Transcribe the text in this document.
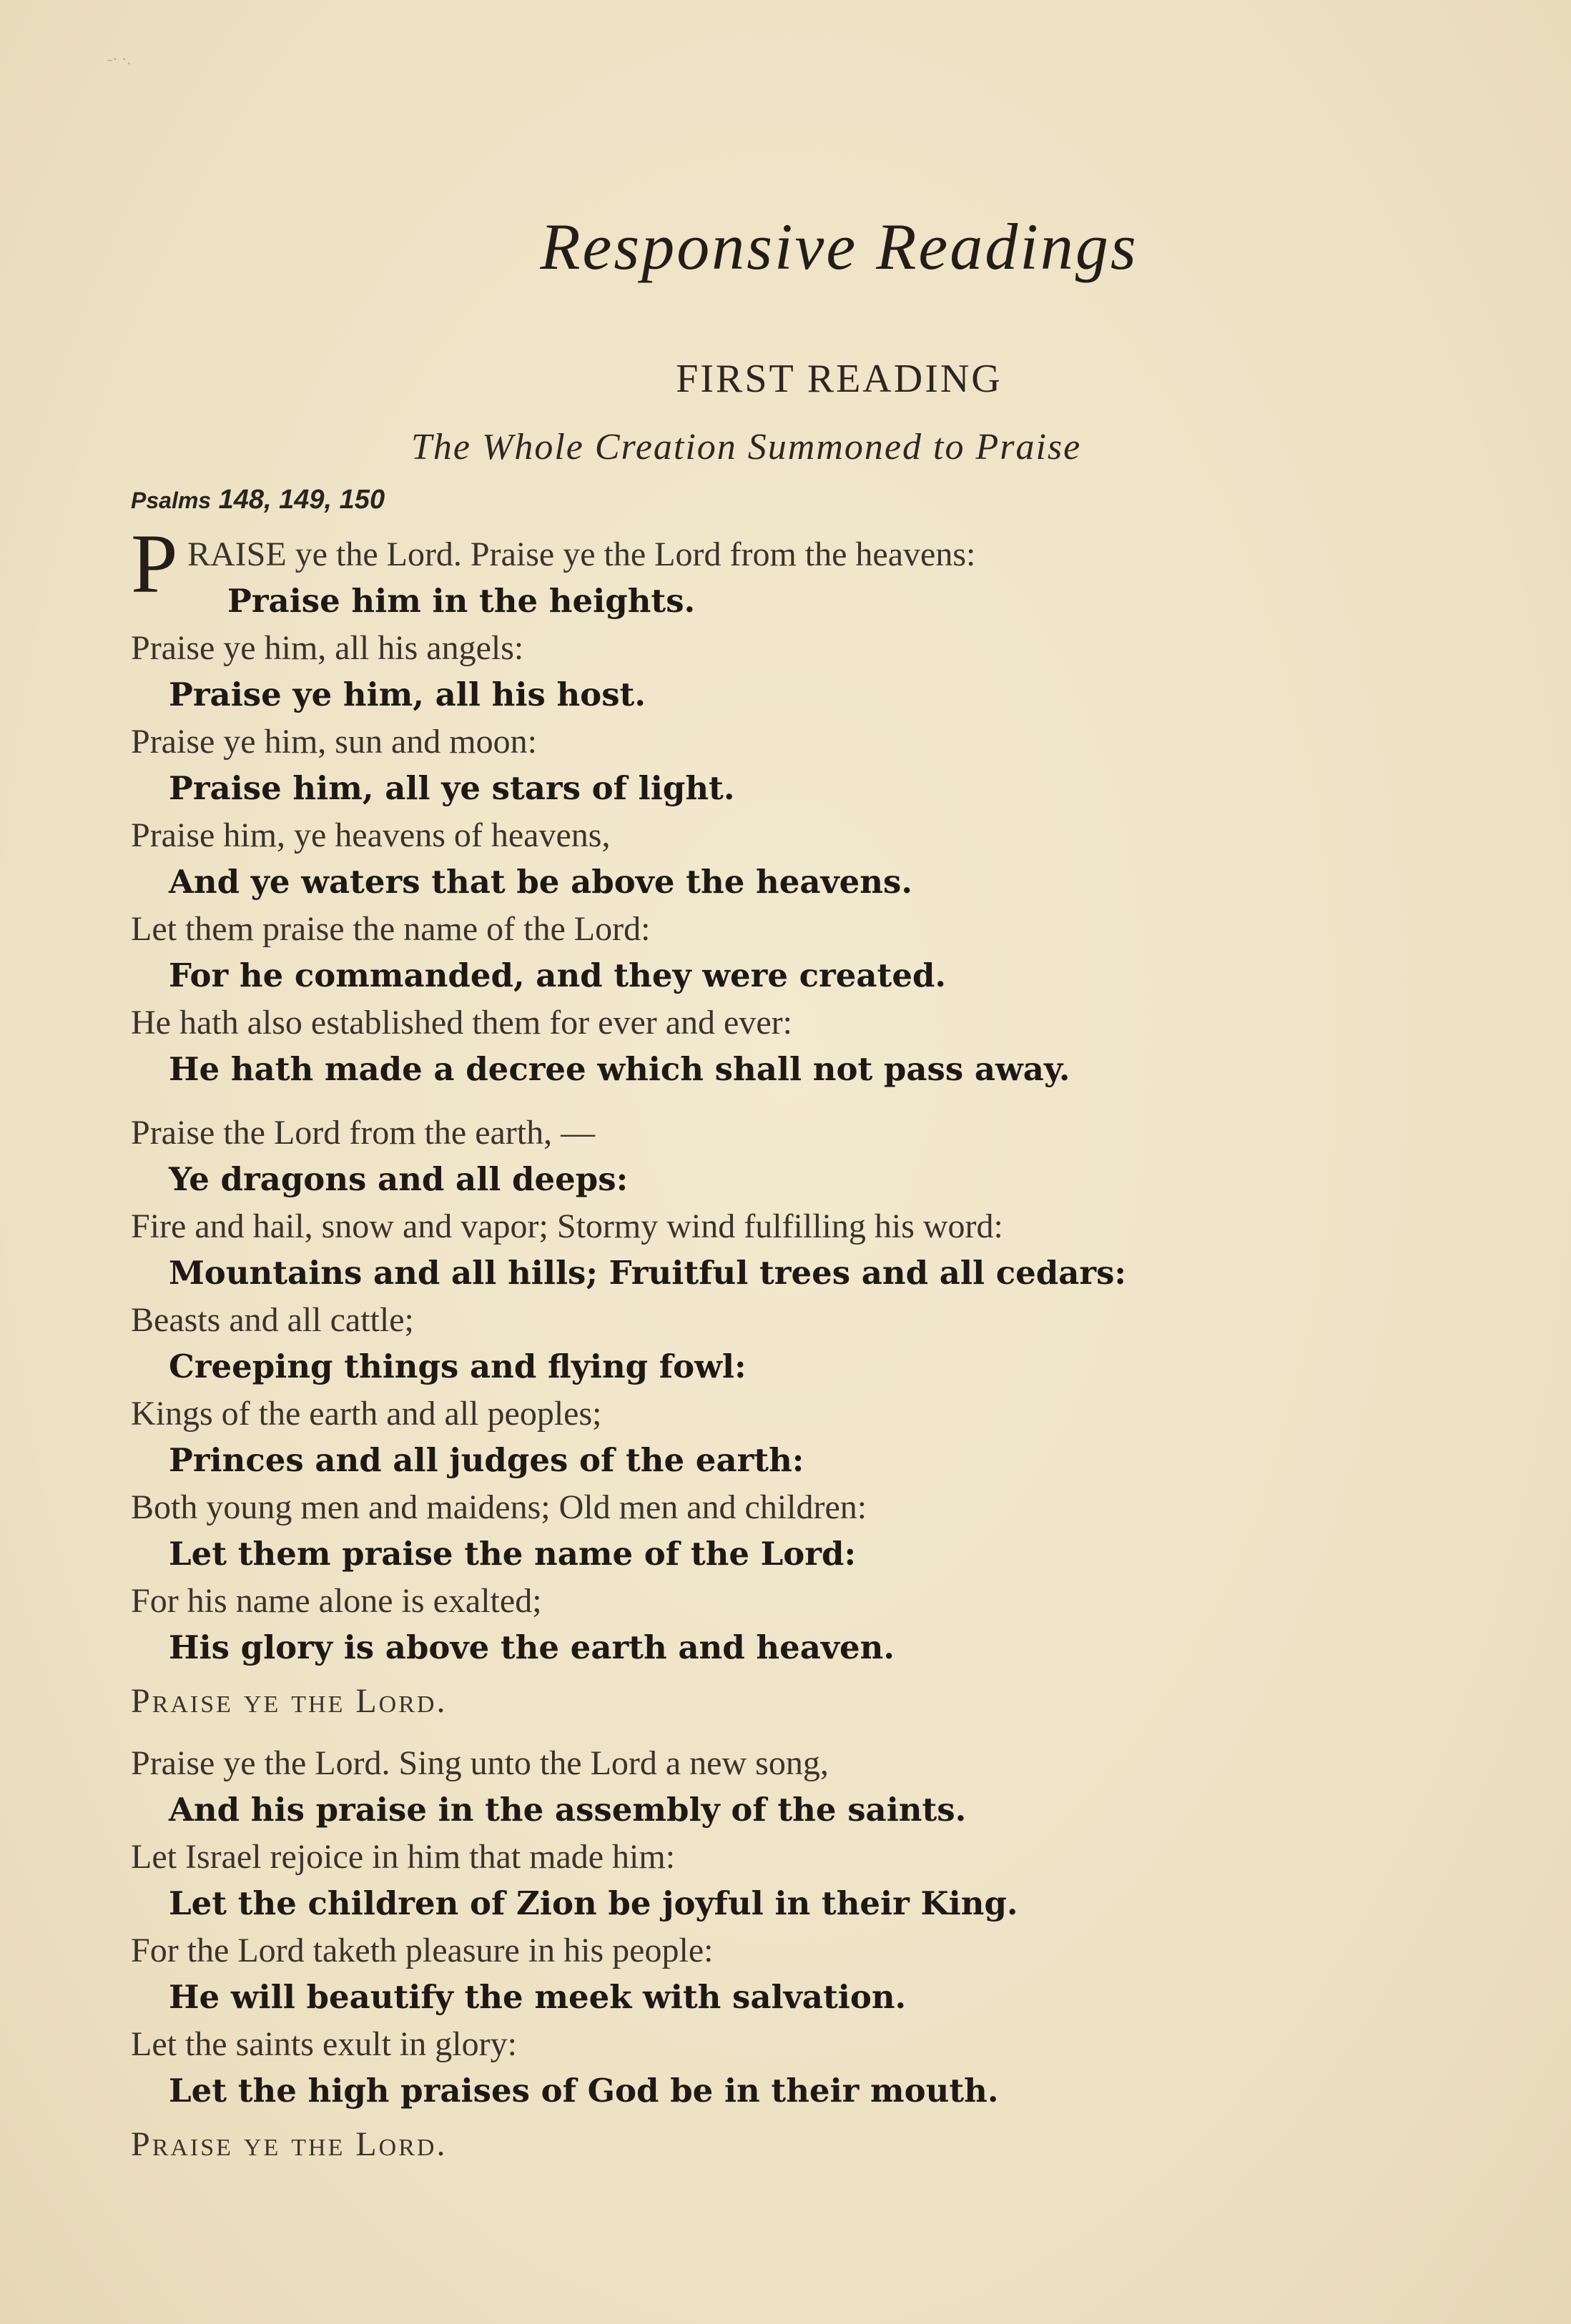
-· ·.
Responsive Readings
FIRST READING
The Whole Creation Summoned to Praise
Psalms 148, 149, 150
P RAISE ye the Lord. Praise ye the Lord from the heavens:
Praise him in the heights.
Praise ye him, all his angels:
Praise ye him, all his host.
Praise ye him, sun and moon:
Praise him, all ye stars of light.
Praise him, ye heavens of heavens,
And ye waters that be above the heavens.
Let them praise the name of the Lord:
For he commanded, and they were created.
He hath also established them for ever and ever:
He hath made a decree which shall not pass away.
Praise the Lord from the earth, —
Ye dragons and all deeps:
Fire and hail, snow and vapor; Stormy wind fulfilling his word:
Mountains and all hills; Fruitful trees and all cedars:
Beasts and all cattle;
Creeping things and flying fowl:
Kings of the earth and all peoples;
Princes and all judges of the earth:
Both young men and maidens; Old men and children:
Let them praise the name of the Lord:
For his name alone is exalted;
His glory is above the earth and heaven.
Praise ye the Lord.
Praise ye the Lord. Sing unto the Lord a new song,
And his praise in the assembly of the saints.
Let Israel rejoice in him that made him:
Let the children of Zion be joyful in their King.
For the Lord taketh pleasure in his people:
He will beautify the meek with salvation.
Let the saints exult in glory:
Let the high praises of God be in their mouth.
Praise ye the Lord.
